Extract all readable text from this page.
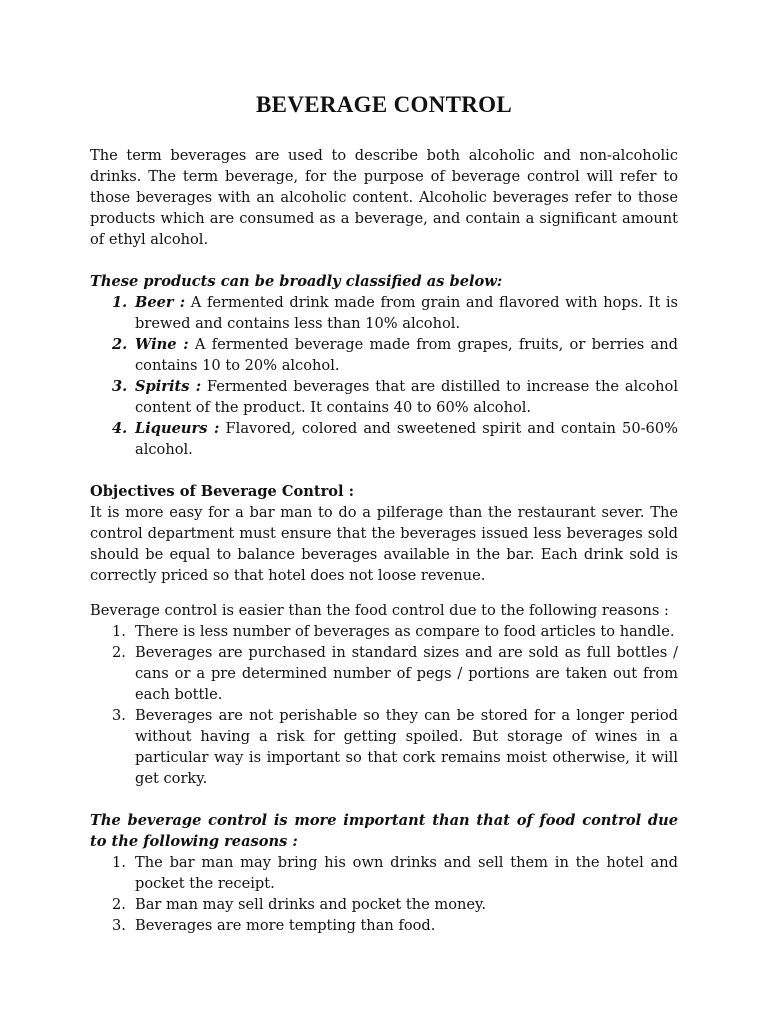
BEVERAGE CONTROL

The term beverages are used to describe both alcoholic and non-alcoholic drinks. The term beverage, for the purpose of beverage control will refer to those beverages with an alcoholic content. Alcoholic beverages refer to those products which are consumed as a beverage, and contain a significant amount of ethyl alcohol.

These products can be broadly classified as below:

1. Beer : A fermented drink made from grain and flavored with hops. It is brewed and contains less than 10% alcohol.
2. Wine : A fermented beverage made from grapes, fruits, or berries and contains 10 to 20% alcohol.
3. Spirits : Fermented beverages that are distilled to increase the alcohol content of the product. It contains 40 to 60% alcohol.
4. Liqueurs : Flavored, colored and sweetened spirit and contain 50-60% alcohol.

Objectives of Beverage Control :

It is more easy for a bar man to do a pilferage than the restaurant sever. The control department must ensure that the beverages issued less beverages sold should be equal to balance beverages available in the bar. Each drink sold is correctly priced so that hotel does not loose revenue.

Beverage control is easier than the food control due to the following reasons :

1. There is less number of beverages as compare to food articles to handle.
2. Beverages are purchased in standard sizes and are sold as full bottles / cans or a pre determined number of pegs / portions are taken out from each bottle.
3. Beverages are not perishable so they can be stored for a longer period without having a risk for getting spoiled. But storage of wines in a particular way is important so that cork remains moist otherwise, it will get corky.

The beverage control is more important than that of food control due to the following reasons :

1. The bar man may bring his own drinks and sell them in the hotel and pocket the receipt.
2. Bar man may sell drinks and pocket the money.
3. Beverages are more tempting than food.
